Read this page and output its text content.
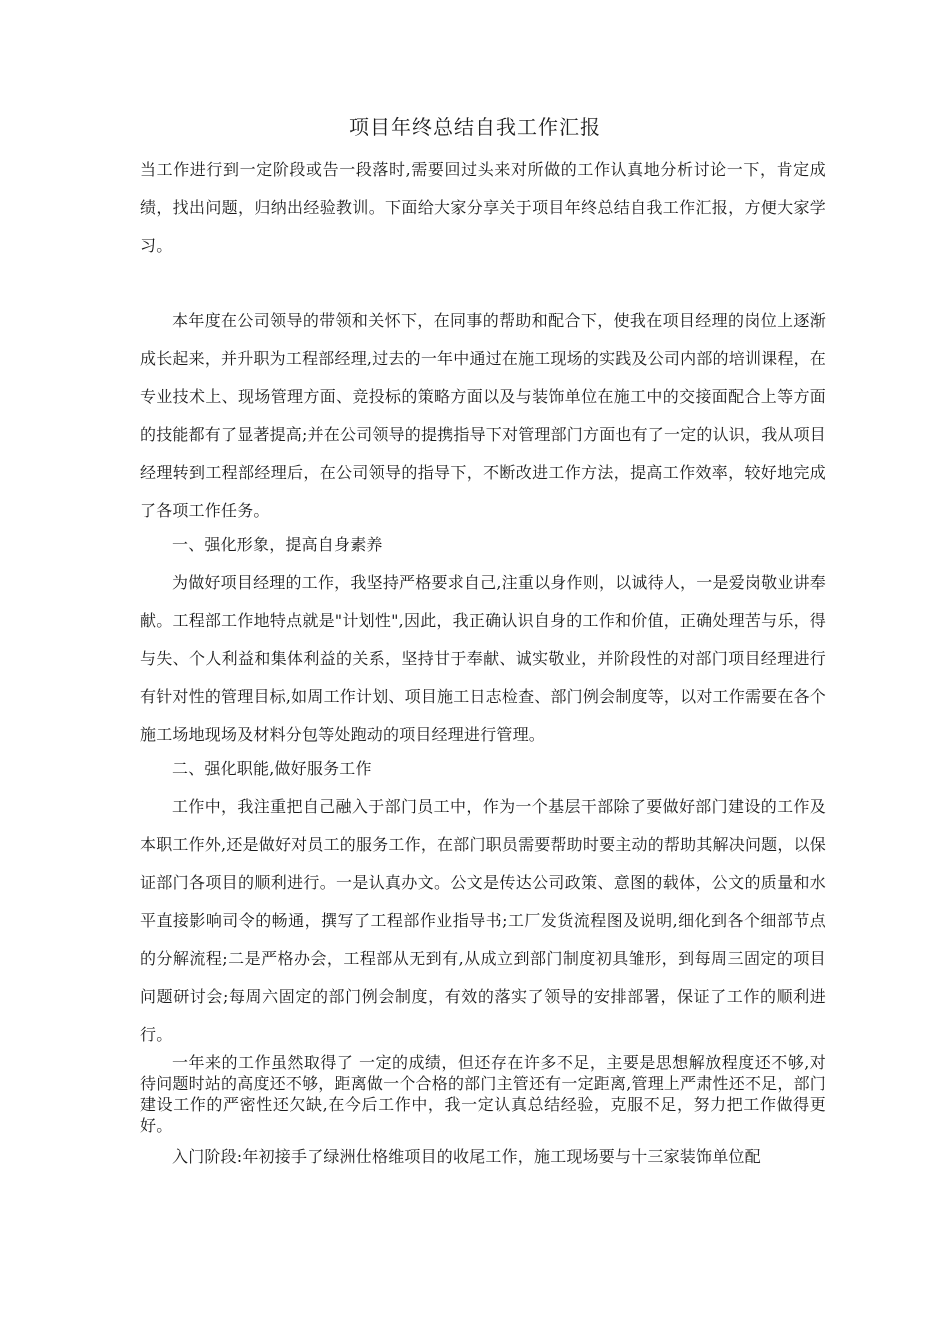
项目年终总结自我工作汇报

当工作进行到一定阶段或告一段落时,需要回过头来对所做的工作认真地分析讨论一下，肯定成绩，找出问题，归纳出经验教训。下面给大家分享关于项目年终总结自我工作汇报，方便大家学习。

本年度在公司领导的带领和关怀下，在同事的帮助和配合下，使我在项目经理的岗位上逐渐成长起来，并升职为工程部经理,过去的一年中通过在施工现场的实践及公司内部的培训课程，在专业技术上、现场管理方面、竞投标的策略方面以及与装饰单位在施工中的交接面配合上等方面的技能都有了显著提高;并在公司领导的提携指导下对管理部门方面也有了一定的认识，我从项目经理转到工程部经理后，在公司领导的指导下，不断改进工作方法，提高工作效率，较好地完成了各项工作任务。

一、强化形象，提高自身素养

为做好项目经理的工作，我坚持严格要求自己,注重以身作则，以诚待人，一是爱岗敬业讲奉献。工程部工作地特点就是"计划性",因此，我正确认识自身的工作和价值，正确处理苦与乐，得与失、个人利益和集体利益的关系，坚持甘于奉献、诚实敬业，并阶段性的对部门项目经理进行有针对性的管理目标,如周工作计划、项目施工日志检查、部门例会制度等，以对工作需要在各个施工场地现场及材料分包等处跑动的项目经理进行管理。

二、强化职能,做好服务工作

工作中，我注重把自己融入于部门员工中，作为一个基层干部除了要做好部门建设的工作及本职工作外,还是做好对员工的服务工作，在部门职员需要帮助时要主动的帮助其解决问题，以保证部门各项目的顺利进行。一是认真办文。公文是传达公司政策、意图的载体，公文的质量和水平直接影响司令的畅通，撰写了工程部作业指导书;工厂发货流程图及说明,细化到各个细部节点的分解流程;二是严格办会，工程部从无到有,从成立到部门制度初具雏形，到每周三固定的项目问题研讨会;每周六固定的部门例会制度，有效的落实了领导的安排部署，保证了工作的顺利进行。

一年来的工作虽然取得了 一定的成绩，但还存在许多不足，主要是思想解放程度还不够,对待问题时站的高度还不够，距离做一个合格的部门主管还有一定距离,管理上严肃性还不足，部门建设工作的严密性还欠缺,在今后工作中，我一定认真总结经验，克服不足，努力把工作做得更好。

入门阶段:年初接手了绿洲仕格维项目的收尾工作，施工现场要与十三家装饰单位配
